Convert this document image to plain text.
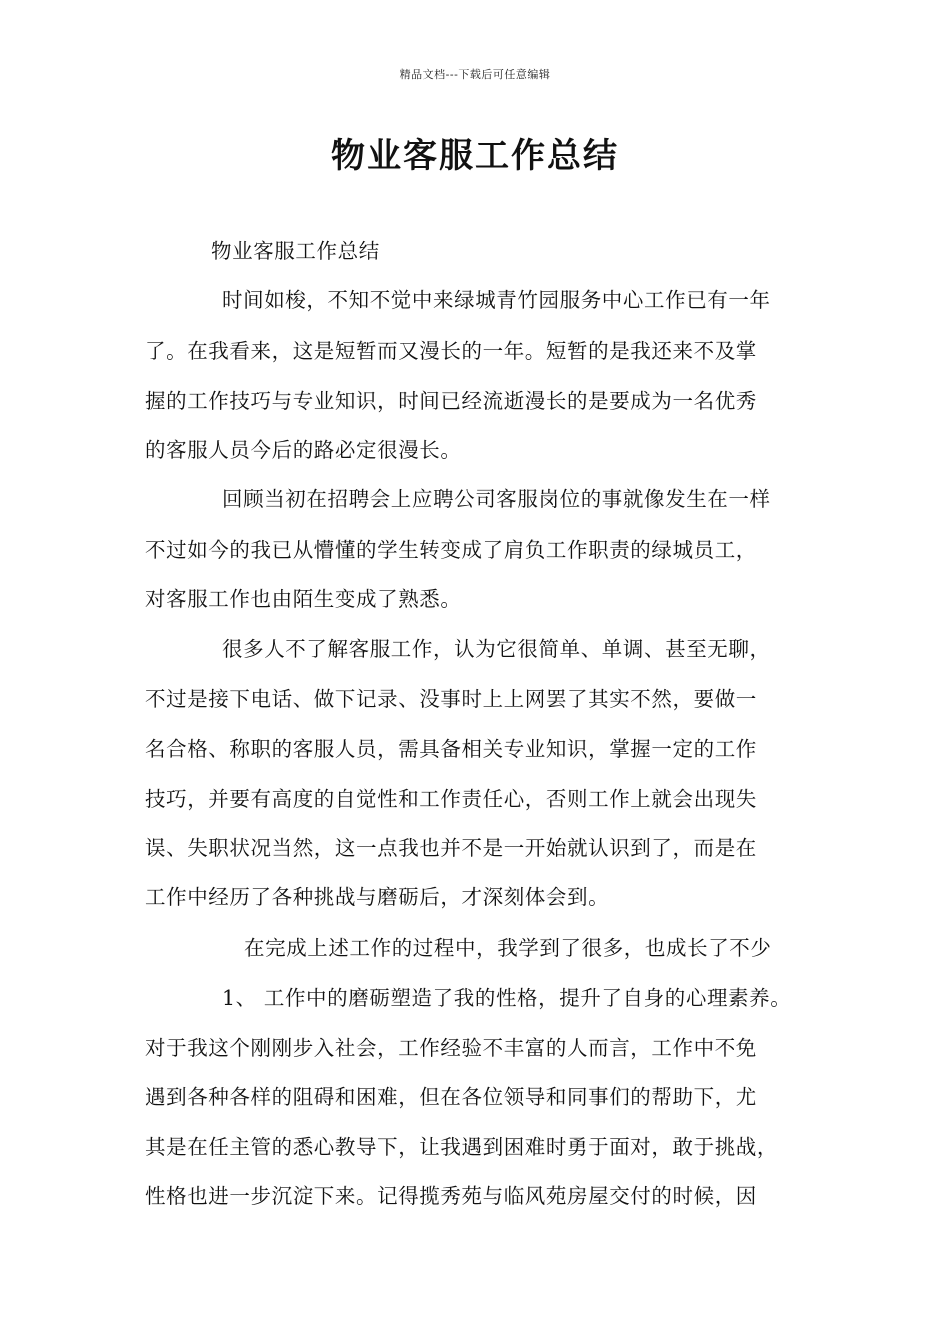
精品文档---下载后可任意编辑
物业客服工作总结
物业客服工作总结
时间如梭，不知不觉中来绿城青竹园服务中心工作已有一年
了。在我看来，这是短暂而又漫长的一年。短暂的是我还来不及掌
握的工作技巧与专业知识，时间已经流逝漫长的是要成为一名优秀
的客服人员今后的路必定很漫长。
回顾当初在招聘会上应聘公司客服岗位的事就像发生在一样
不过如今的我已从懵懂的学生转变成了肩负工作职责的绿城员工，
对客服工作也由陌生变成了熟悉。
很多人不了解客服工作，认为它很简单、单调、甚至无聊，
不过是接下电话、做下记录、没事时上上网罢了其实不然，要做一
名合格、称职的客服人员，需具备相关专业知识，掌握一定的工作
技巧，并要有高度的自觉性和工作责任心，否则工作上就会出现失
误、失职状况当然，这一点我也并不是一开始就认识到了，而是在
工作中经历了各种挑战与磨砺后，才深刻体会到。
在完成上述工作的过程中，我学到了很多，也成长了不少
1、 工作中的磨砺塑造了我的性格，提升了自身的心理素养。
对于我这个刚刚步入社会，工作经验不丰富的人而言，工作中不免
遇到各种各样的阻碍和困难，但在各位领导和同事们的帮助下，尤
其是在任主管的悉心教导下，让我遇到困难时勇于面对，敢于挑战，
性格也进一步沉淀下来。记得揽秀苑与临风苑房屋交付的时候，因
